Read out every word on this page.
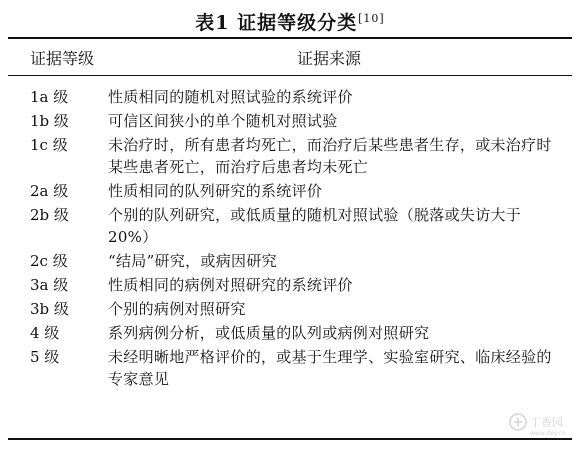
表1 证据等级分类[10]
证据等级	证据来源
1a 级	性质相同的随机对照试验的系统评价
1b 级	可信区间狭小的单个随机对照试验
1c 级	未治疗时，所有患者均死亡，而治疗后某些患者生存，或未治疗时某些患者死亡，而治疗后患者均未死亡
2a 级	性质相同的队列研究的系统评价
2b 级	个别的队列研究，或低质量的随机对照试验（脱落或失访大于20%）
2c 级	“结局”研究，或病因研究
3a 级	性质相同的病例对照研究的系统评价
3b 级	个别的病例对照研究
4 级	系列病例分析，或低质量的队列或病例对照研究
5 级	未经明晰地严格评价的，或基于生理学、实验室研究、临床经验的专家意见
丁香园
www.dxy.cn
